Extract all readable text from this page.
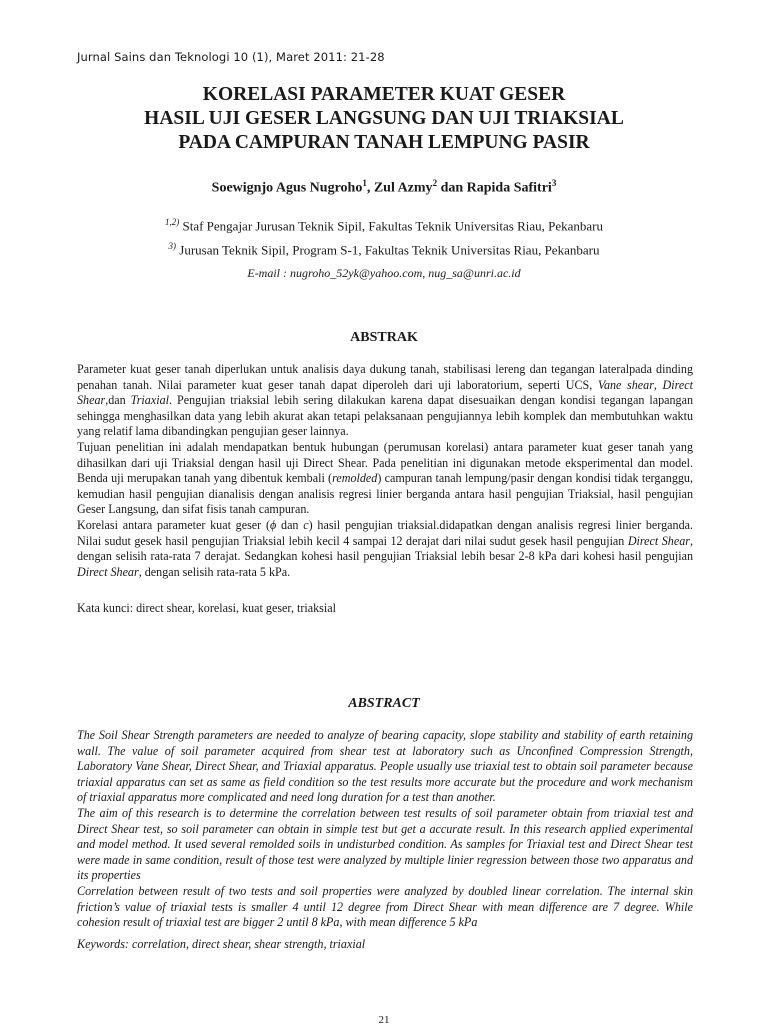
Jurnal Sains dan Teknologi 10 (1), Maret 2011: 21-28
KORELASI PARAMETER KUAT GESER
HASIL UJI GESER LANGSUNG DAN UJI TRIAKSIAL
PADA CAMPURAN TANAH LEMPUNG PASIR
Soewignjo Agus Nugroho$^1$, Zul Azmy$^2$ dan Rapida Safitri$^3$
$^{1,2)}$ Staf Pengajar Jurusan Teknik Sipil, Fakultas Teknik Universitas Riau, Pekanbaru
$^{3)}$ Jurusan Teknik Sipil, Program S-1, Fakultas Teknik Universitas Riau, Pekanbaru
E-mail : nugroho_52yk@yahoo.com, nug_sa@unri.ac.id
ABSTRAK

Parameter kuat geser tanah diperlukan untuk analisis daya dukung tanah, stabilisasi lereng dan tegangan lateralpada dinding penahan tanah. Nilai parameter kuat geser tanah dapat diperoleh dari uji laboratorium, seperti UCS, Vane shear, Direct Shear,dan Triaxial. Pengujian triaksial lebih sering dilakukan karena dapat disesuaikan dengan kondisi tegangan lapangan sehingga menghasilkan data yang lebih akurat akan tetapi pelaksanaan pengujiannya lebih komplek dan membutuhkan waktu yang relatif lama dibandingkan pengujian geser lainnya.

Tujuan penelitian ini adalah mendapatkan bentuk hubungan (perumusan korelasi) antara parameter kuat geser tanah yang dihasilkan dari uji Triaksial dengan hasil uji Direct Shear. Pada penelitian ini digunakan metode eksperimental dan model. Benda uji merupakan tanah yang dibentuk kembali (remolded) campuran tanah lempung/pasir dengan kondisi tidak terganggu, kemudian hasil pengujian dianalisis dengan analisis regresi linier berganda antara hasil pengujian Triaksial, hasil pengujian Geser Langsung, dan sifat fisis tanah campuran.

Korelasi antara parameter kuat geser (ϕ dan c) hasil pengujian triaksial.didapatkan dengan analisis regresi linier berganda. Nilai sudut gesek hasil pengujian Triaksial lebih kecil 4 sampai 12 derajat dari nilai sudut gesek hasil pengujian Direct Shear, dengan selisih rata-rata 7 derajat. Sedangkan kohesi hasil pengujian Triaksial lebih besar 2-8 kPa dari kohesi hasil pengujian Direct Shear, dengan selisih rata-rata 5 kPa.

Kata kunci: direct shear, korelasi, kuat geser, triaksial
ABSTRACT

The Soil Shear Strength parameters are needed to analyze of bearing capacity, slope stability and stability of earth retaining wall. The value of soil parameter acquired from shear test at laboratory such as Unconfined Compression Strength, Laboratory Vane Shear, Direct Shear, and Triaxial apparatus. People usually use triaxial test to obtain soil parameter because triaxial apparatus can set as same as field condition so the test results more accurate but the procedure and work mechanism of triaxial apparatus more complicated and need long duration for a test than another.

The aim of this research is to determine the correlation between test results of soil parameter obtain from triaxial test and Direct Shear test, so soil parameter can obtain in simple test but get a accurate result. In this research applied experimental and model method. It used several remolded soils in undisturbed condition. As samples for Triaxial test and Direct Shear test were made in same condition, result of those test were analyzed by multiple linier regression between those two apparatus and its properties

Correlation between result of two tests and soil properties were analyzed by doubled linear correlation. The internal skin friction’s value of triaxial tests is smaller 4 until 12 degree from Direct Shear with mean difference are 7 degree. While cohesion result of triaxial test are bigger 2 until 8 kPa, with mean difference 5 kPa

Keywords: correlation, direct shear, shear strength, triaxial
21
